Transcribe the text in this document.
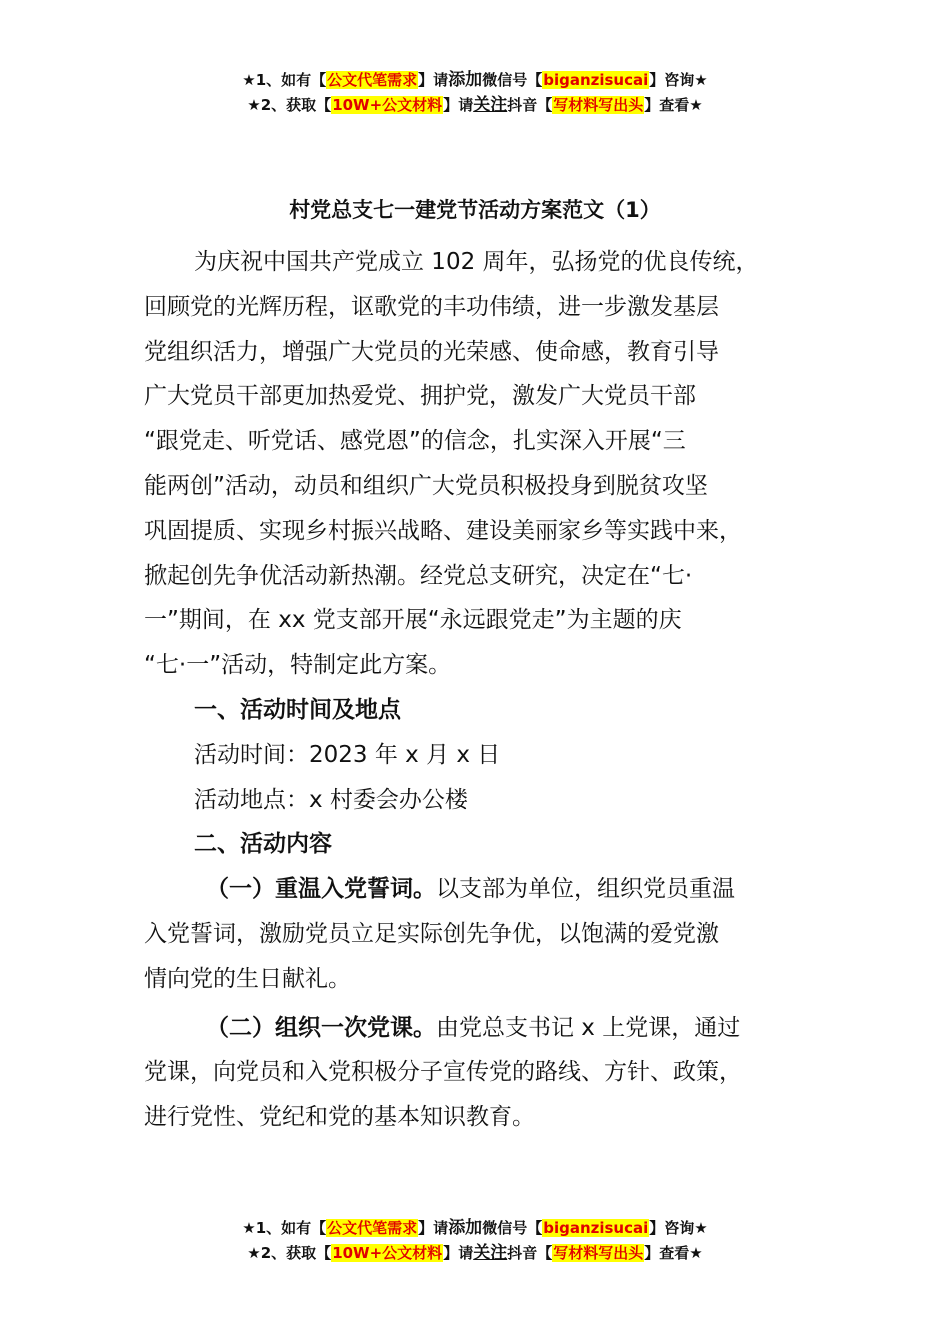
★1、如有【公文代笔需求】请添加微信号【biganzisucai】咨询★
★2、获取【10W+公文材料】请关注抖音【写材料写出头】查看★
村党总支七一建党节活动方案范文（1）
为庆祝中国共产党成立 102 周年，弘扬党的优良传统，
回顾党的光辉历程，讴歌党的丰功伟绩，进一步激发基层
党组织活力，增强广大党员的光荣感、使命感，教育引导
广大党员干部更加热爱党、拥护党，激发广大党员干部
“跟党走、听党话、感党恩”的信念，扎实深入开展“三
能两创”活动，动员和组织广大党员积极投身到脱贫攻坚
巩固提质、实现乡村振兴战略、建设美丽家乡等实践中来，
掀起创先争优活动新热潮。经党总支研究，决定在“七·
一”期间，在 xx 党支部开展“永远跟党走”为主题的庆
“七·一”活动，特制定此方案。
一、活动时间及地点
活动时间：2023 年 x 月 x 日
活动地点：x 村委会办公楼
二、活动内容
（一）重温入党誓词。以支部为单位，组织党员重温
入党誓词，激励党员立足实际创先争优，以饱满的爱党激
情向党的生日献礼。
（二）组织一次党课。由党总支书记 x 上党课，通过
党课，向党员和入党积极分子宣传党的路线、方针、政策，
进行党性、党纪和党的基本知识教育。
★1、如有【公文代笔需求】请添加微信号【biganzisucai】咨询★
★2、获取【10W+公文材料】请关注抖音【写材料写出头】查看★
